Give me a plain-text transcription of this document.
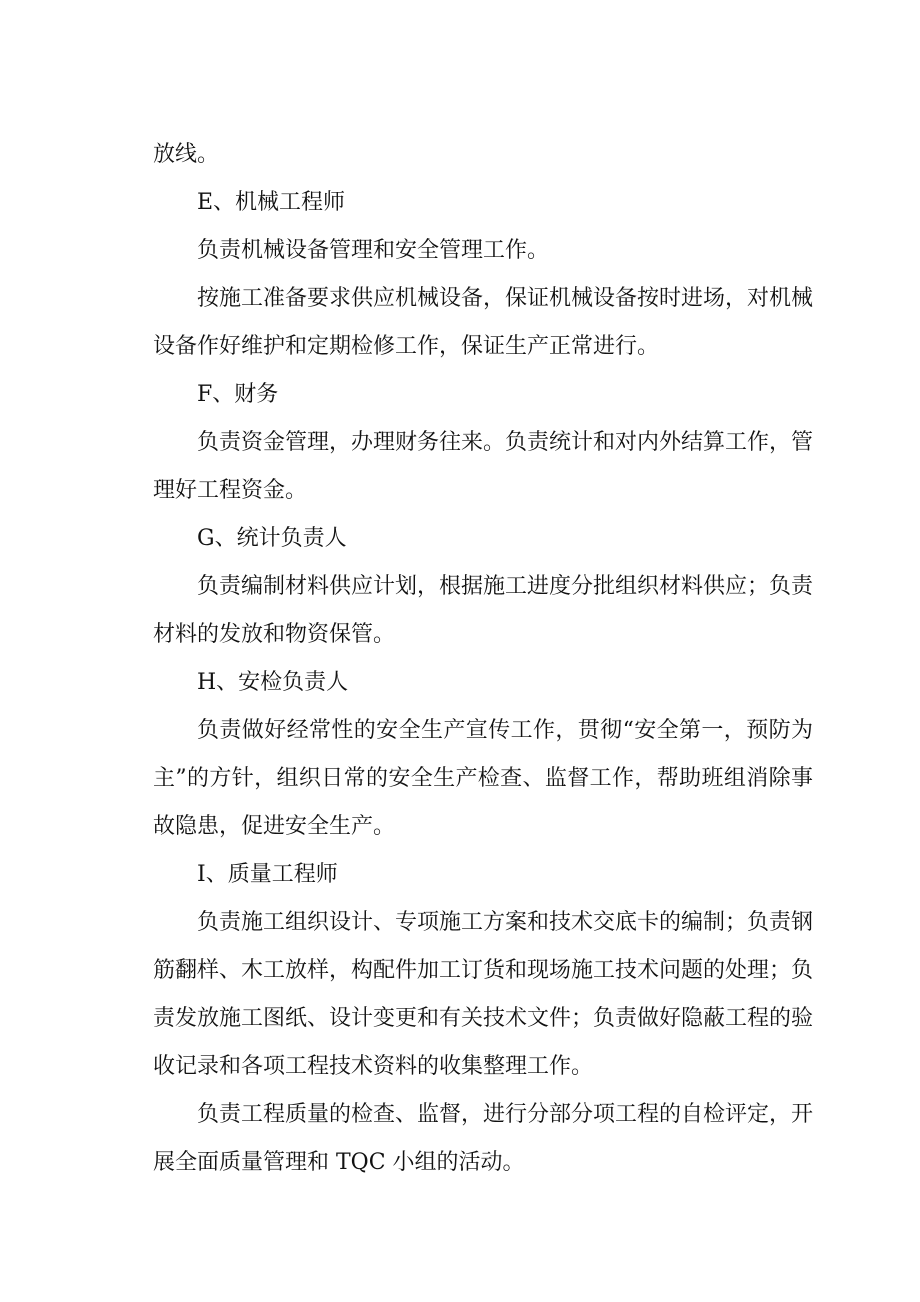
放线。

E、机械工程师

负责机械设备管理和安全管理工作。

按施工准备要求供应机械设备，保证机械设备按时进场，对机械设备作好维护和定期检修工作，保证生产正常进行。

F、财务

负责资金管理，办理财务往来。负责统计和对内外结算工作，管理好工程资金。

G、统计负责人

负责编制材料供应计划，根据施工进度分批组织材料供应；负责材料的发放和物资保管。

H、安检负责人

负责做好经常性的安全生产宣传工作，贯彻“安全第一，预防为主”的方针，组织日常的安全生产检查、监督工作，帮助班组消除事故隐患，促进安全生产。

I、质量工程师

负责施工组织设计、专项施工方案和技术交底卡的编制；负责钢筋翻样、木工放样，构配件加工订货和现场施工技术问题的处理；负责发放施工图纸、设计变更和有关技术文件；负责做好隐蔽工程的验收记录和各项工程技术资料的收集整理工作。

负责工程质量的检查、监督，进行分部分项工程的自检评定，开展全面质量管理和 TQC 小组的活动。
